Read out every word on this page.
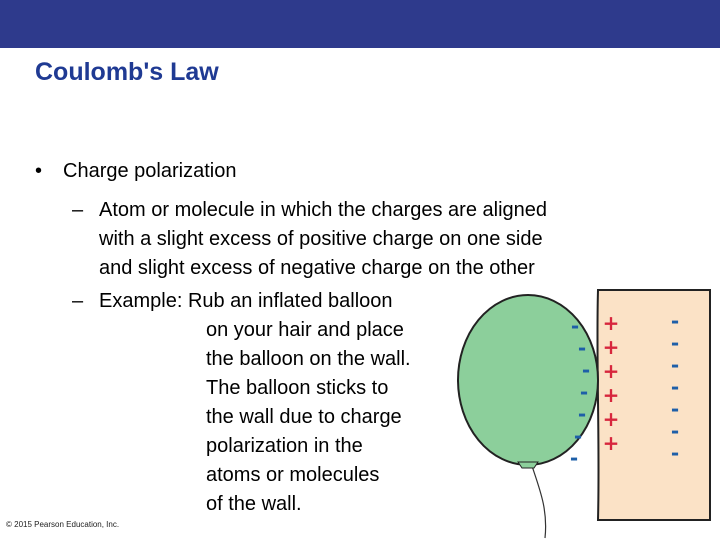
Coulomb's Law
• Charge polarization
– Atom or molecule in which the charges are aligned
with a slight excess of positive charge on one side
and slight excess of negative charge on the other
– Example: Rub an inflated balloon
on your hair and place
the balloon on the wall.
The balloon sticks to
the wall due to charge
polarization in the
atoms or molecules
of the wall.
-
-
-
-
-
-
-
+
+
+
+
+
+
-
-
-
-
-
-
-
© 2015 Pearson Education, Inc.
